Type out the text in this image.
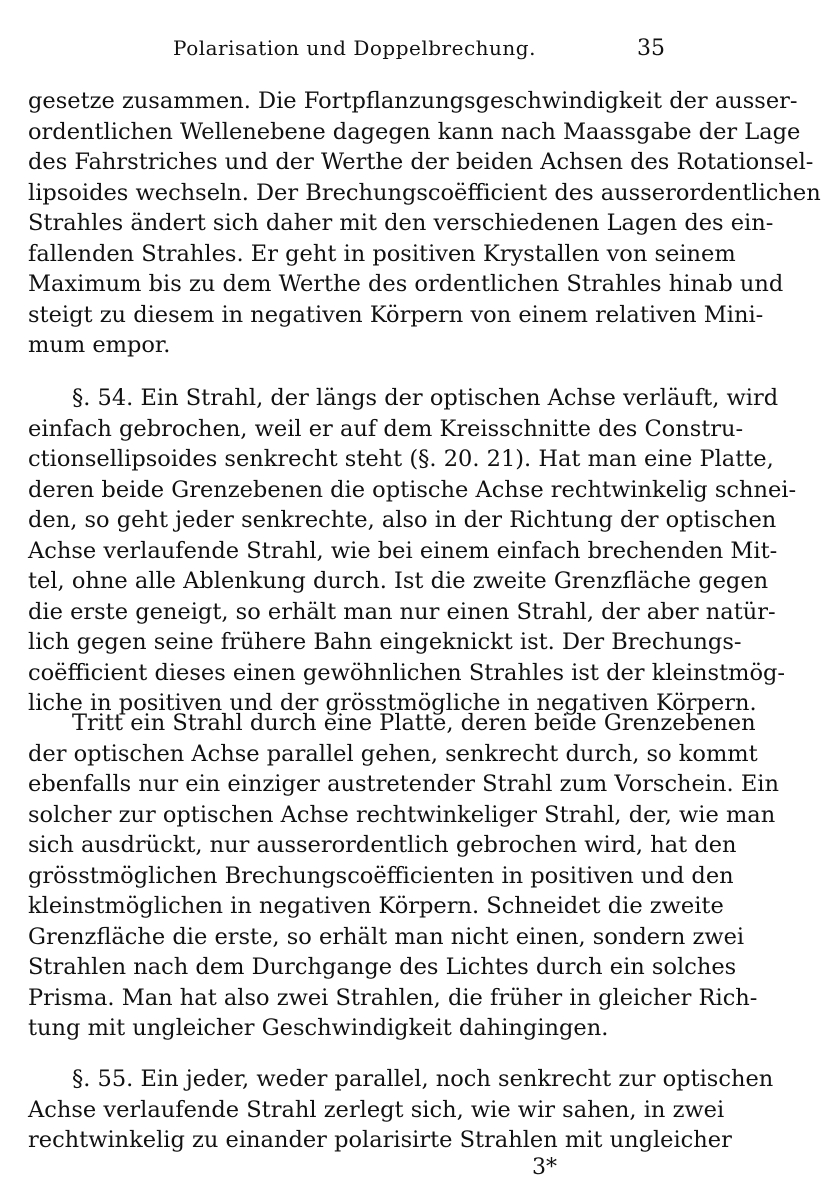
Polarisation und Doppelbrechung.	35
gesetze zusammen. Die Fortpflanzungsgeschwindigkeit der ausser-
ordentlichen Wellenebene dagegen kann nach Maassgabe der Lage
des Fahrstriches und der Werthe der beiden Achsen des Rotationsel-
lipsoides wechseln. Der Brechungscoëfficient des ausserordentlichen
Strahles ändert sich daher mit den verschiedenen Lagen des ein-
fallenden Strahles. Er geht in positiven Krystallen von seinem
Maximum bis zu dem Werthe des ordentlichen Strahles hinab und
steigt zu diesem in negativen Körpern von einem relativen Mini-
mum empor.
§. 54. Ein Strahl, der längs der optischen Achse verläuft, wird
einfach gebrochen, weil er auf dem Kreisschnitte des Constru-
ctionsellipsoides senkrecht steht (§. 20. 21). Hat man eine Platte,
deren beide Grenzebenen die optische Achse rechtwinkelig schnei-
den, so geht jeder senkrechte, also in der Richtung der optischen
Achse verlaufende Strahl, wie bei einem einfach brechenden Mit-
tel, ohne alle Ablenkung durch. Ist die zweite Grenzfläche gegen
die erste geneigt, so erhält man nur einen Strahl, der aber natür-
lich gegen seine frühere Bahn eingeknickt ist. Der Brechungs-
coëfficient dieses einen gewöhnlichen Strahles ist der kleinstmög-
liche in positiven und der grösstmögliche in negativen Körpern.
Tritt ein Strahl durch eine Platte, deren beide Grenzebenen
der optischen Achse parallel gehen, senkrecht durch, so kommt
ebenfalls nur ein einziger austretender Strahl zum Vorschein. Ein
solcher zur optischen Achse rechtwinkeliger Strahl, der, wie man
sich ausdrückt, nur ausserordentlich gebrochen wird, hat den
grösstmöglichen Brechungscoëfficienten in positiven und den
kleinstmöglichen in negativen Körpern. Schneidet die zweite
Grenzfläche die erste, so erhält man nicht einen, sondern zwei
Strahlen nach dem Durchgange des Lichtes durch ein solches
Prisma. Man hat also zwei Strahlen, die früher in gleicher Rich-
tung mit ungleicher Geschwindigkeit dahingingen.
§. 55. Ein jeder, weder parallel, noch senkrecht zur optischen
Achse verlaufende Strahl zerlegt sich, wie wir sahen, in zwei
rechtwinkelig zu einander polarisirte Strahlen mit ungleicher
3*
